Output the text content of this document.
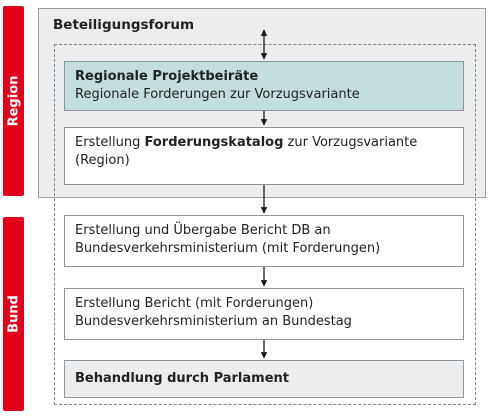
Region
Bund
Beteiligungsforum
Regionale Projektbeiräte
Regionale Forderungen zur Vorzugsvariante
Erstellung Forderungskatalog zur Vorzugsvariante
(Region)
Erstellung und Übergabe Bericht DB an
Bundesverkehrsministerium (mit Forderungen)
Erstellung Bericht (mit Forderungen)
Bundesverkehrsministerium an Bundestag
Behandlung durch Parlament
